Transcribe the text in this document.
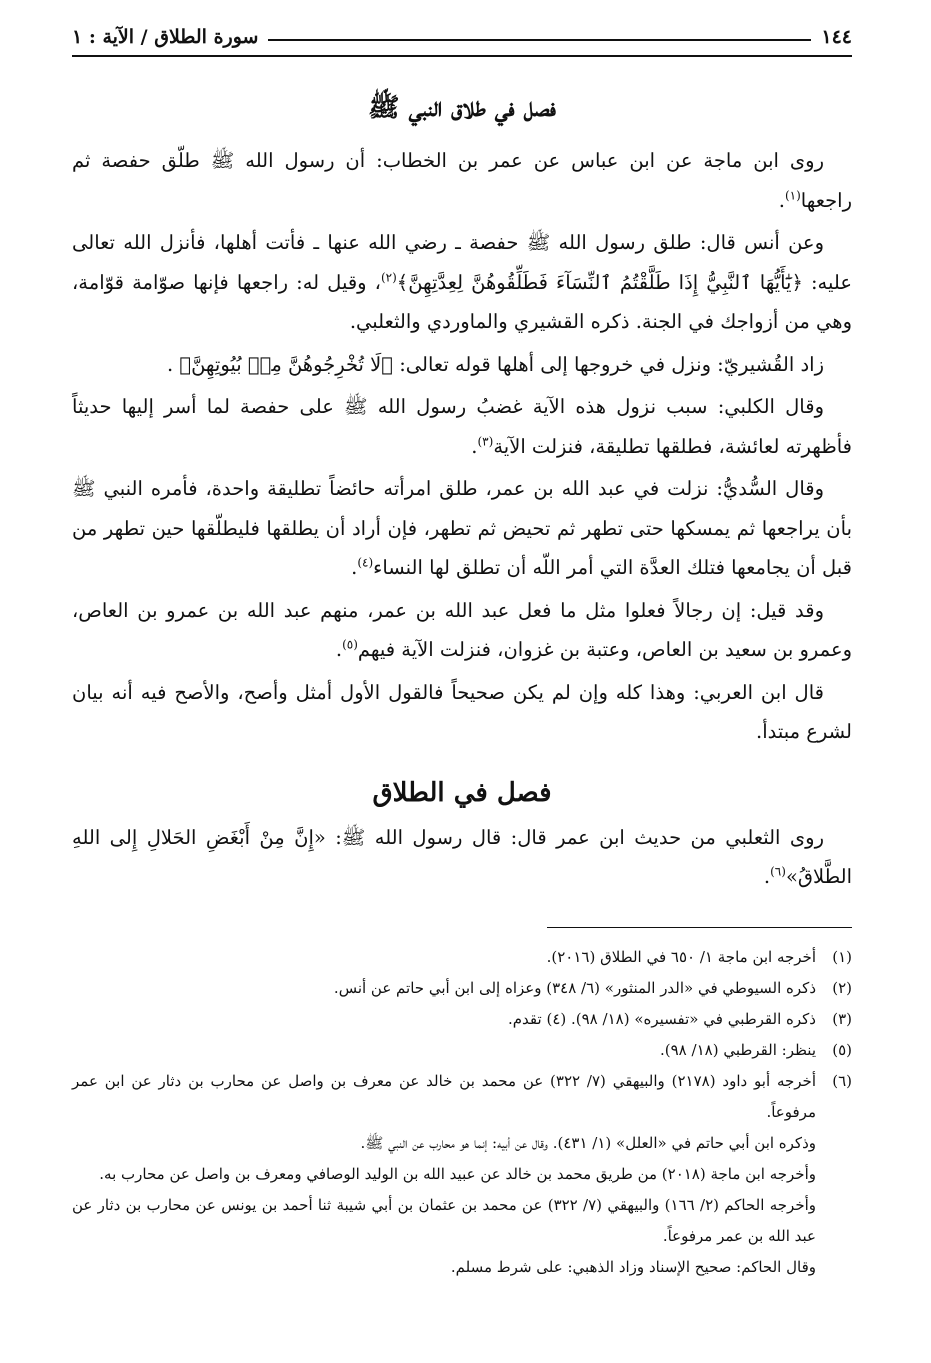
١٤٤
سورة الطلاق / الآية : ١
فصل في طلاق النبي ﷺ

روى ابن ماجة عن ابن عباس عن عمر بن الخطاب: أن رسول الله ﷺ طلّق حفصة ثم راجعها$^{(١)}$.

وعن أنس قال: طلق رسول الله ﷺ حفصة ـ رضي الله عنها ـ فأتت أهلها، فأنزل الله تعالى عليه: ﴿يَٰٓأَيُّهَا ٱلنَّبِيُّ إِذَا طَلَّقْتُمُ ٱلنِّسَآءَ فَطَلِّقُوهُنَّ لِعِدَّتِهِنَّ﴾$^{(٢)}$، وقيل له: راجعها فإنها صوّامة قوّامة، وهي من أزواجك في الجنة. ذكره القشيري والماوردي والثعلبي.

زاد القُشيريّ: ونزل في خروجها إلى أهلها قوله تعالى: ﴿لَا تُخْرِجُوهُنَّ مِنۢ بُيُوتِهِنَّ﴾ .

وقال الكلبي: سبب نزول هذه الآية غضبُ رسول الله ﷺ على حفصة لما أسر إليها حديثاً فأظهرته لعائشة، فطلقها تطليقة، فنزلت الآية$^{(٣)}$.

وقال السُّديُّ: نزلت في عبد الله بن عمر، طلق امرأته حائضاً تطليقة واحدة، فأمره النبي ﷺ بأن يراجعها ثم يمسكها حتى تطهر ثم تحيض ثم تطهر، فإن أراد أن يطلقها فليطلّقها حين تطهر من قبل أن يجامعها فتلك العدَّة التي أمر اللّه أن تطلق لها النساء$^{(٤)}$.

وقد قيل: إن رجالاً فعلوا مثل ما فعل عبد الله بن عمر، منهم عبد الله بن عمرو بن العاص، وعمرو بن سعيد بن العاص، وعتبة بن غزوان، فنزلت الآية فيهم$^{(٥)}$.

قال ابن العربي: وهذا كله وإن لم يكن صحيحاً فالقول الأول أمثل وأصح، والأصح فيه أنه بيان لشرع مبتدأ.

فصل في الطلاق

روى الثعلبي من حديث ابن عمر قال: قال رسول الله ﷺ: «إِنَّ مِنْ أَبْغَضِ الحَلالِ إِلى اللهِ الطَّلاقُ»$^{(٦)}$.

(١)
أخرجه ابن ماجة ١/ ٦٥٠ في الطلاق (٢٠١٦).
(٢)
ذكره السيوطي في «الدر المنثور» (٦/ ٣٤٨) وعزاه إلى ابن أبي حاتم عن أنس.
(٣)
ذكره القرطبي في «تفسيره» (١٨/ ٩٨). (٤) تقدم.
(٥)
ينظر: القرطبي (١٨/ ٩٨).
(٦)
أخرجه أبو داود (٢١٧٨) والبيهقي (٧/ ٣٢٢) عن محمد بن خالد عن معرف بن واصل عن محارب بن دثار عن ابن عمر مرفوعاً.
وذكره ابن أبي حاتم في «العلل» (١/ ٤٣١). وقال عن أبيه: إنما هو محارب عن النبي ﷺ.
وأخرجه ابن ماجة (٢٠١٨) من طريق محمد بن خالد عن عبيد الله بن الوليد الوصافي ومعرف بن واصل عن محارب به.
وأخرجه الحاكم (٢/ ١٦٦) والبيهقي (٧/ ٣٢٢) عن محمد بن عثمان بن أبي شيبة ثنا أحمد بن يونس عن محارب بن دثار عن عبد الله بن عمر مرفوعاً.
وقال الحاكم: صحيح الإسناد وزاد الذهبي: على شرط مسلم.
